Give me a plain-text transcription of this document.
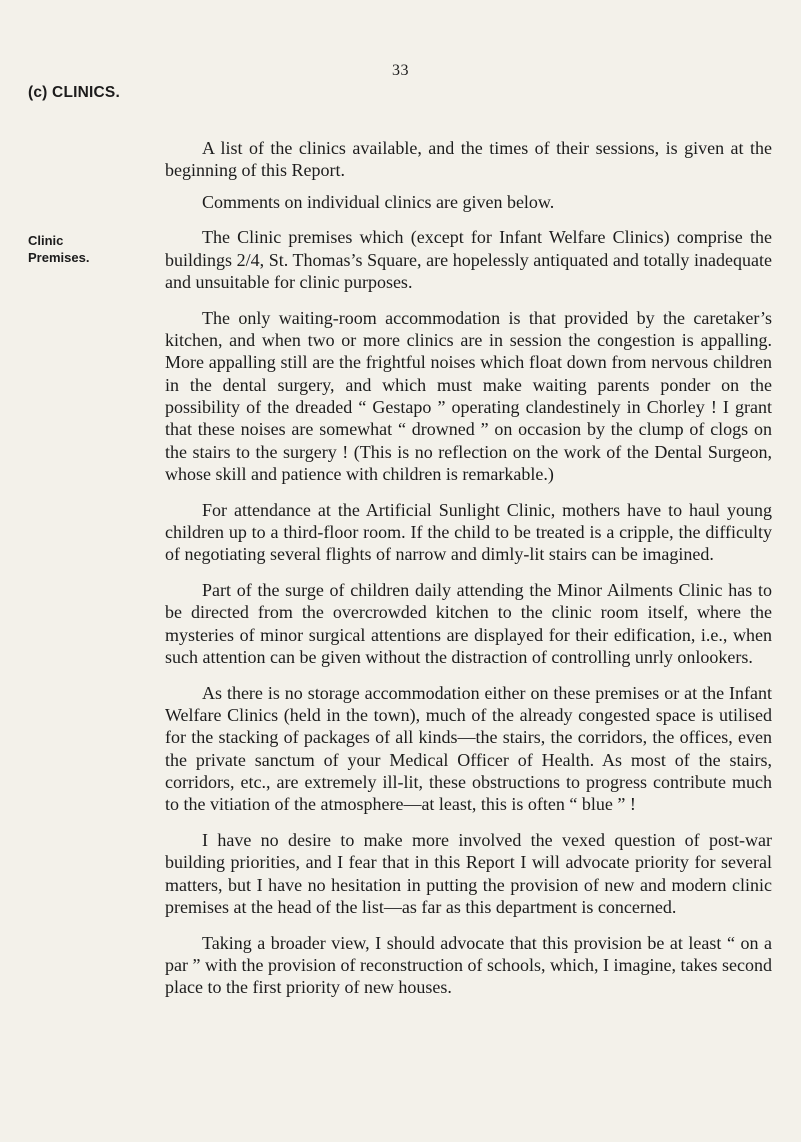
33
(c) CLINICS.
Clinic
Premises.

A list of the clinics available, and the times of their sessions, is given at the beginning of this Report.

Comments on individual clinics are given below.

The Clinic premises which (except for Infant Welfare Clinics) comprise the buildings 2/4, St. Thomas’s Square, are hopelessly antiquated and totally inadequate and unsuitable for clinic purposes.

The only waiting-room accommodation is that provided by the caretaker’s kitchen, and when two or more clinics are in session the congestion is appalling. More appalling still are the frightful noises which float down from nervous children in the dental surgery, and which must make waiting parents ponder on the possibility of the dreaded “ Gestapo ” operating clandestinely in Chorley ! I grant that these noises are somewhat “ drowned ” on occasion by the clump of clogs on the stairs to the surgery ! (This is no reflection on the work of the Dental Surgeon, whose skill and patience with children is remarkable.)

For attendance at the Artificial Sunlight Clinic, mothers have to haul young children up to a third-floor room. If the child to be treated is a cripple, the difficulty of negotiating several flights of narrow and dimly-lit stairs can be imagined.

Part of the surge of children daily attending the Minor Ailments Clinic has to be directed from the overcrowded kitchen to the clinic room itself, where the mysteries of minor surgical attentions are displayed for their edification, i.e., when such attention can be given without the distraction of controlling unrly onlookers.

As there is no storage accommodation either on these premises or at the Infant Welfare Clinics (held in the town), much of the already congested space is utilised for the stacking of packages of all kinds—the stairs, the corridors, the offices, even the private sanctum of your Medical Officer of Health. As most of the stairs, corridors, etc., are extremely ill-lit, these obstructions to progress contribute much to the vitiation of the atmosphere—at least, this is often “ blue ” !

I have no desire to make more involved the vexed question of post-war building priorities, and I fear that in this Report I will advocate priority for several matters, but I have no hesitation in putting the provision of new and modern clinic premises at the head of the list—as far as this department is concerned.

Taking a broader view, I should advocate that this provision be at least “ on a par ” with the provision of reconstruction of schools, which, I imagine, takes second place to the first priority of new houses.
